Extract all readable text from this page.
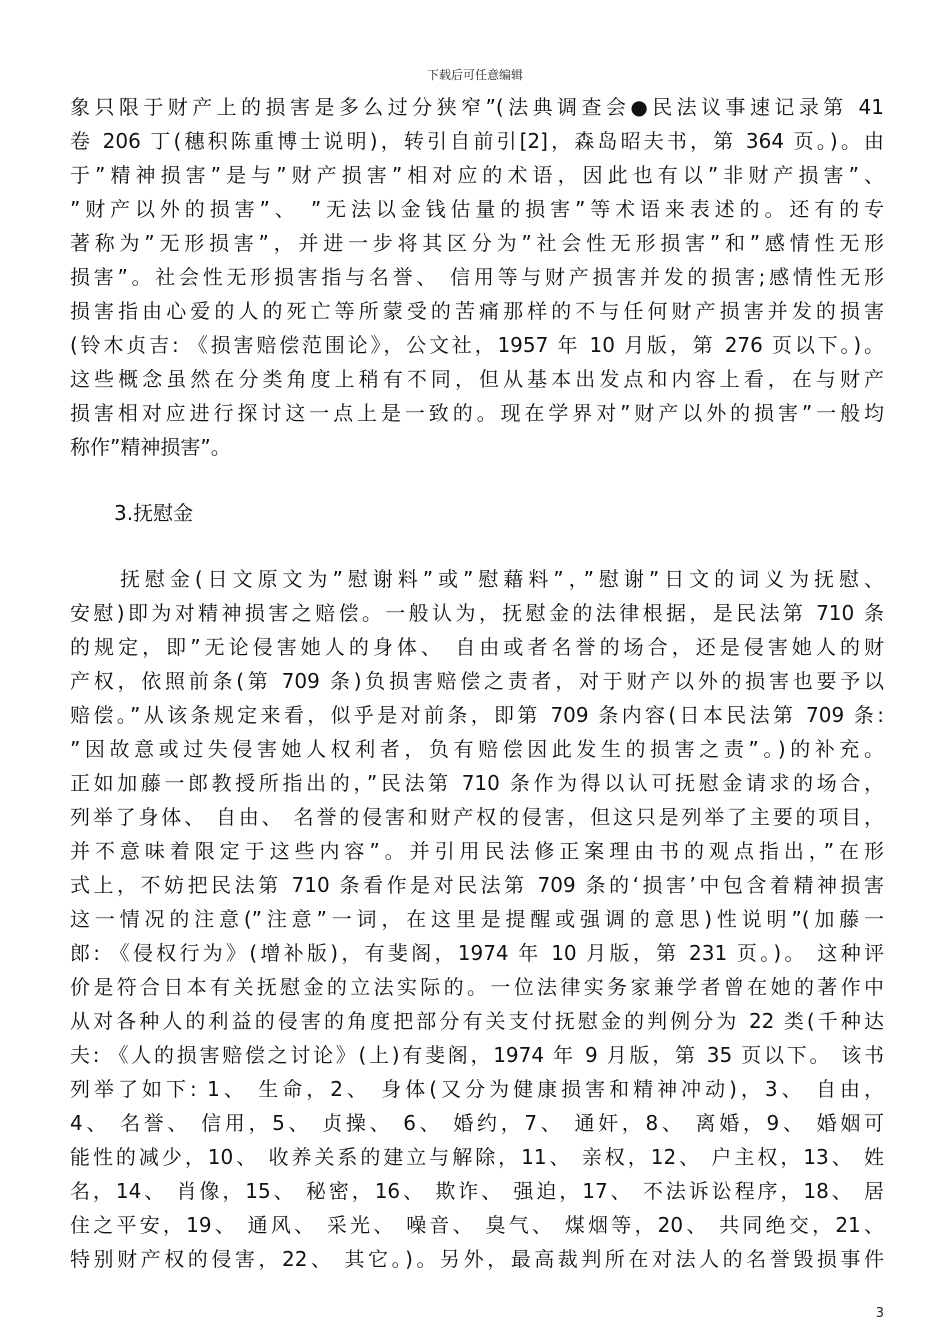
下载后可任意编辑
象只限于财产上的损害是多么过分狭窄”(法典调查会●民法议事速记录第 41
卷 206 丁(穗积陈重博士说明)，转引自前引[2]，森岛昭夫书，第 364 页。)。由
于”精神损害”是与”财产损害”相对应的术语，因此也有以”非财产损害”、
”财产以外的损害”、 ”无法以金钱估量的损害”等术语来表述的。还有的专
著称为”无形损害”，并进一步将其区分为”社会性无形损害”和”感情性无形
损害”。社会性无形损害指与名誉、 信用等与财产损害并发的损害;感情性无形
损害指由心爱的人的死亡等所蒙受的苦痛那样的不与任何财产损害并发的损害
(铃木贞吉: 《损害赔偿范围论》，公文社，1957 年 10 月版，第 276 页以下。)。
这些概念虽然在分类角度上稍有不同，但从基本出发点和内容上看，在与财产
损害相对应进行探讨这一点上是一致的。现在学界对”财产以外的损害”一般均
称作”精神损害”。
3.抚慰金
　　抚慰金(日文原文为”慰谢料”或”慰藉料”，”慰谢”日文的词义为抚慰、
安慰)即为对精神损害之赔偿。一般认为，抚慰金的法律根据，是民法第 710 条
的规定，即”无论侵害她人的身体、 自由或者名誉的场合，还是侵害她人的财
产权，依照前条(第 709 条)负损害赔偿之责者，对于财产以外的损害也要予以
赔偿。”从该条规定来看，似乎是对前条，即第 709 条内容(日本民法第 709 条:
”因故意或过失侵害她人权利者，负有赔偿因此发生的损害之责”。)的补充。
正如加藤一郎教授所指出的，”民法第 710 条作为得以认可抚慰金请求的场合，
列举了身体、 自由、 名誉的侵害和财产权的侵害，但这只是列举了主要的项目，
并不意味着限定于这些内容”。并引用民法修正案理由书的观点指出，”在形
式上，不妨把民法第 710 条看作是对民法第 709 条的‘损害’中包含着精神损害
这一情况的注意(”注意”一词，在这里是提醒或强调的意思)性说明”(加藤一
郎: 《侵权行为》(增补版)，有斐阁，1974 年 10 月版，第 231 页。)。 这种评
价是符合日本有关抚慰金的立法实际的。一位法律实务家兼学者曾在她的著作中
从对各种人的利益的侵害的角度把部分有关支付抚慰金的判例分为 22 类(千种达
夫: 《人的损害赔偿之讨论》(上)有斐阁，1974 年 9 月版，第 35 页以下。 该书
列举了如下: 1、 生命，2、 身体(又分为健康损害和精神冲动)，3、 自由，
4、 名誉、 信用，5、 贞操、 6、 婚约，7、 通奸，8、 离婚，9、 婚姻可
能性的减少，10、 收养关系的建立与解除，11、 亲权，12、 户主权，13、 姓
名，14、 肖像，15、 秘密，16、 欺诈、 强迫，17、 不法诉讼程序，18、 居
住之平安，19、 通风、 采光、 噪音、 臭气、 煤烟等，20、 共同绝交，21、
特别财产权的侵害，22、 其它。)。另外，最高裁判所在对法人的名誉毁损事件
3
